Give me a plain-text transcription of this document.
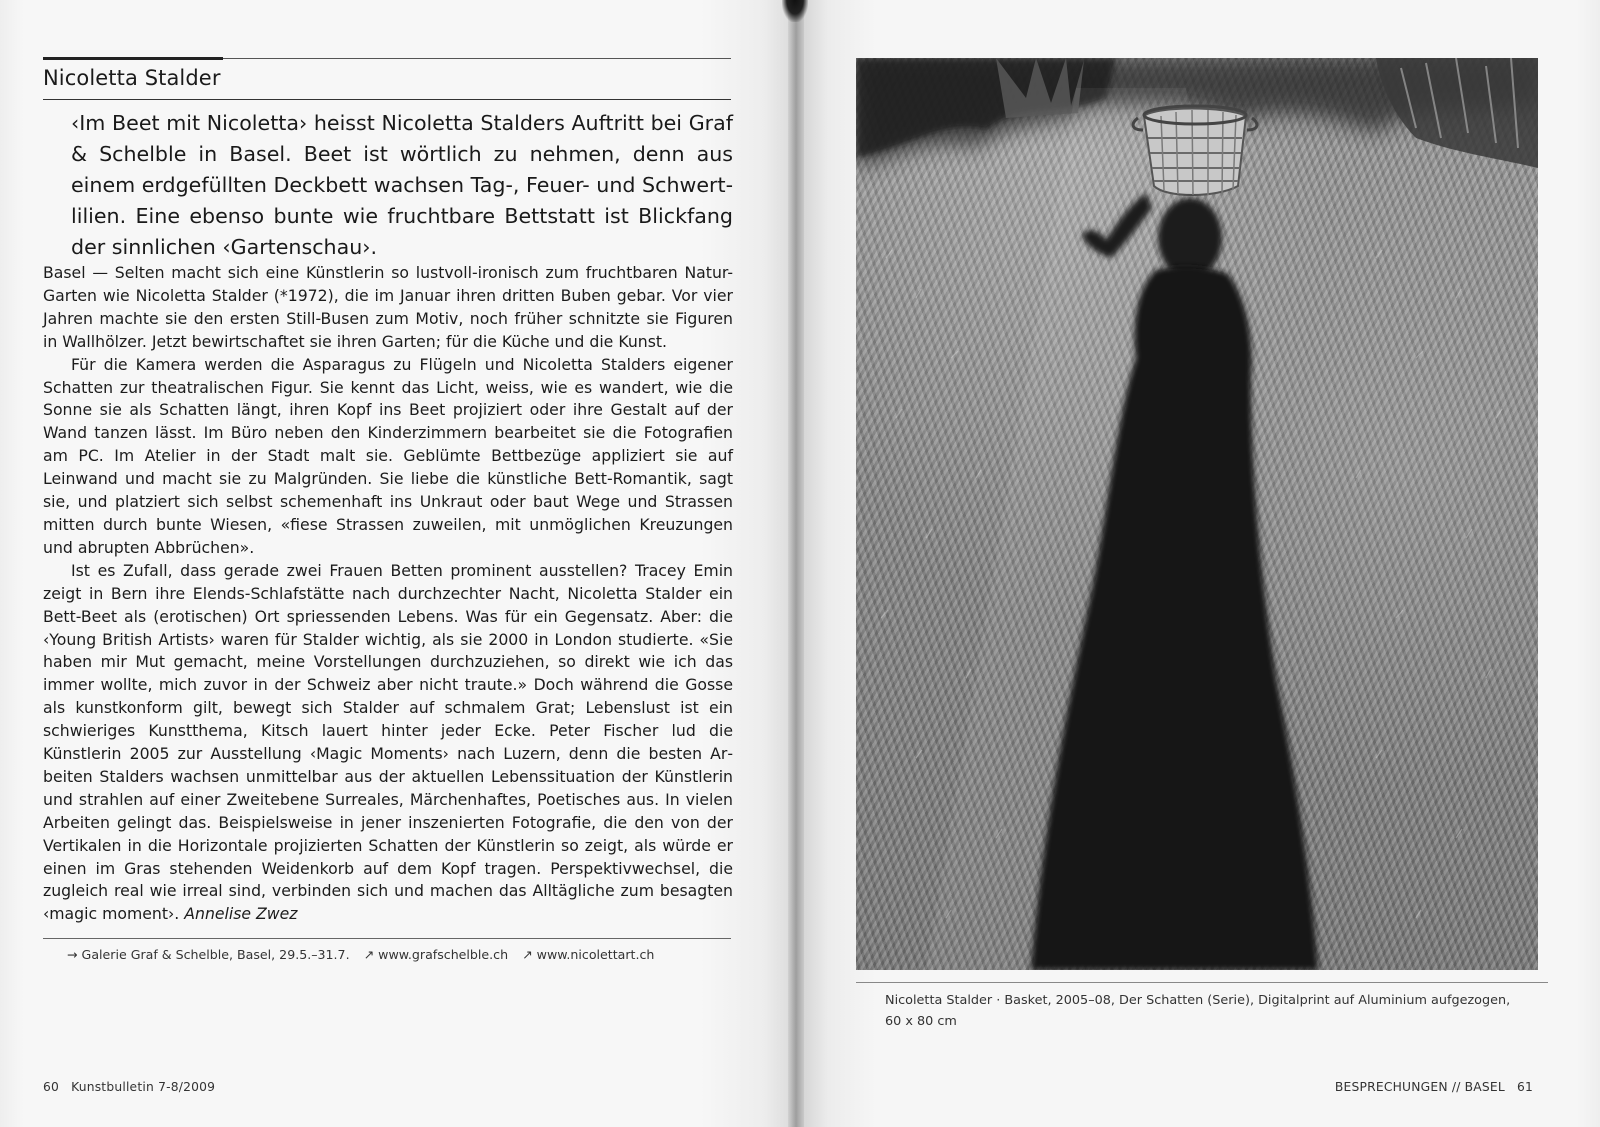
Nicoletta Stalder
‹Im Beet mit Nicoletta› heisst Nicoletta Stalders Auftritt bei Graf & Schelble in Basel. Beet ist wörtlich zu nehmen, denn aus einem erdgefüllten Deckbett wachsen Tag-, Feuer- und Schwertlilien. Eine ebenso bunte wie fruchtbare Bettstatt ist Blickfang der sinnlichen ‹Gartenschau›.

Basel — Selten macht sich eine Künstlerin so lustvoll-ironisch zum fruchtbaren Natur-Garten wie Nicoletta Stalder (*1972), die im Januar ihren dritten Buben gebar. Vor vier Jahren machte sie den ersten Still-Busen zum Motiv, noch früher schnitzte sie Figuren in Wallhölzer. Jetzt bewirtschaftet sie ihren Garten; für die Küche und die Kunst.

Für die Kamera werden die Asparagus zu Flügeln und Nicoletta Stalders eigener Schatten zur theatralischen Figur. Sie kennt das Licht, weiss, wie es wandert, wie die Sonne sie als Schatten längt, ihren Kopf ins Beet projiziert oder ihre Gestalt auf der Wand tanzen lässt. Im Büro neben den Kinderzimmern bearbeitet sie die Fotografien am PC. Im Atelier in der Stadt malt sie. Geblümte Bettbezüge appliziert sie auf Leinwand und macht sie zu Malgründen. Sie liebe die künstliche Bett-Romantik, sagt sie, und platziert sich selbst schemenhaft ins Unkraut oder baut Wege und Strassen mitten durch bunte Wiesen, «fiese Strassen zuweilen, mit unmöglichen Kreuzungen und abrupten Abbrüchen».

Ist es Zufall, dass gerade zwei Frauen Betten prominent ausstellen? Tracey Emin zeigt in Bern ihre Elends-Schlafstätte nach durchzechter Nacht, Nicoletta Stalder ein Bett-Beet als (erotischen) Ort spriessenden Lebens. Was für ein Gegensatz. Aber: die ‹Young British Artists› waren für Stalder wichtig, als sie 2000 in London studierte. «Sie haben mir Mut gemacht, meine Vorstellungen durchzuziehen, so direkt wie ich das immer wollte, mich zuvor in der Schweiz aber nicht traute.» Doch während die Gosse als kunstkonform gilt, bewegt sich Stalder auf schmalem Grat; Lebenslust ist ein schwieriges Kunstthema, Kitsch lauert hinter jeder Ecke. Peter Fischer lud die Künstlerin 2005 zur Ausstellung ‹Magic Moments› nach Luzern, denn die besten Arbeiten Stalders wachsen unmittelbar aus der aktuellen Lebenssituation der Künstlerin und strahlen auf einer Zweitebene Surreales, Märchenhaftes, Poetisches aus. In vielen Arbeiten gelingt das. Beispielsweise in jener inszenierten Fotografie, die den von der Vertikalen in die Horizontale projizierten Schatten der Künstlerin so zeigt, als würde er einen im Gras stehenden Weidenkorb auf dem Kopf tragen. Perspektivwechsel, die zugleich real wie irreal sind, verbinden sich und machen das Alltägliche zum besagten ‹magic moment›. Annelise Zwez

→ Galerie Graf & Schelble, Basel, 29.5.–31.7. ↗ www.grafschelble.ch ↗ www.nicolettart.ch
60 Kunstbulletin 7-8/2009
Nicoletta Stalder · Basket, 2005–08, Der Schatten (Serie), Digitalprint auf Aluminium aufgezogen, 60 x 80 cm
BESPRECHUNGEN // BASEL 61
